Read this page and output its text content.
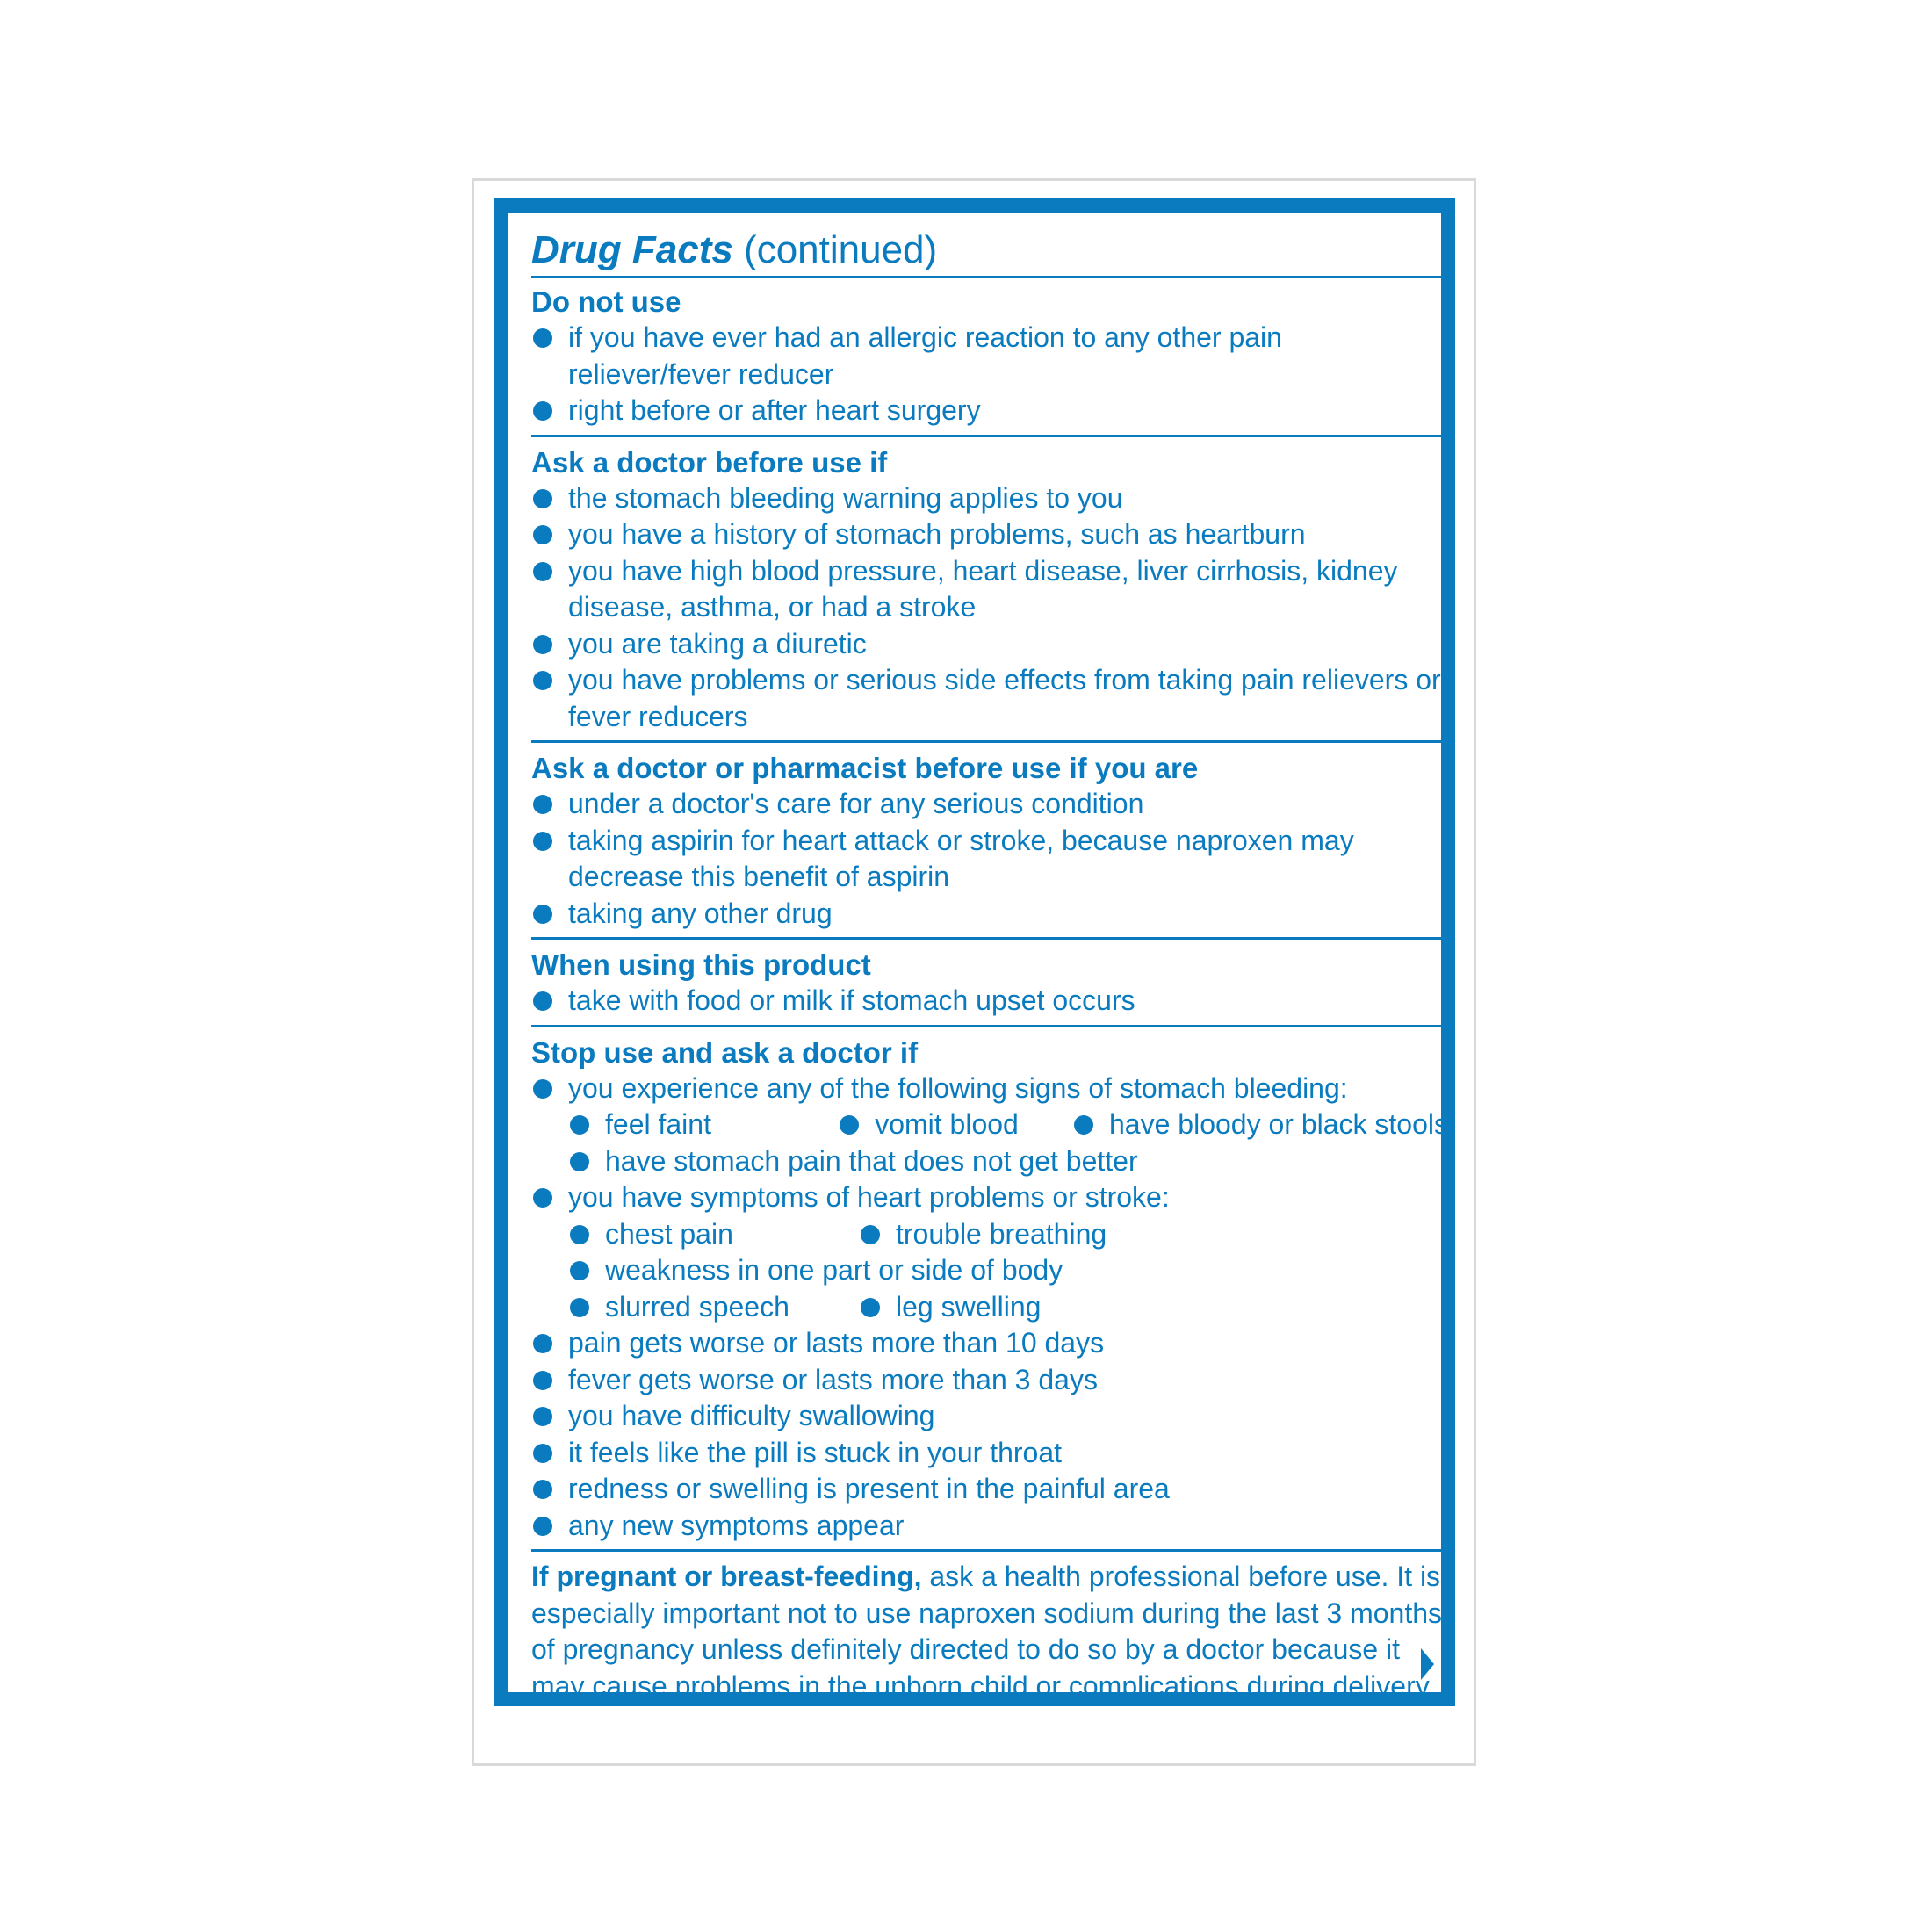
Drug Facts (continued)
Do not use
if you have ever had an allergic reaction to any other pain reliever/fever reducer
right before or after heart surgery
Ask a doctor before use if
the stomach bleeding warning applies to you
you have a history of stomach problems, such as heartburn
you have high blood pressure, heart disease, liver cirrhosis, kidney disease, asthma, or had a stroke
you are taking a diuretic
you have problems or serious side effects from taking pain relievers or fever reducers
Ask a doctor or pharmacist before use if you are
under a doctor's care for any serious condition
taking aspirin for heart attack or stroke, because naproxen may decrease this benefit of aspirin
taking any other drug
When using this product
take with food or milk if stomach upset occurs
Stop use and ask a doctor if
you experience any of the following signs of stomach bleeding:
feel faint	vomit blood	have bloody or black stools
have stomach pain that does not get better
you have symptoms of heart problems or stroke:
chest pain	trouble breathing
weakness in one part or side of body
slurred speech	leg swelling
pain gets worse or lasts more than 10 days
fever gets worse or lasts more than 3 days
you have difficulty swallowing
it feels like the pill is stuck in your throat
redness or swelling is present in the painful area
any new symptoms appear
If pregnant or breast-feeding, ask a health professional before use. It is especially important not to use naproxen sodium during the last 3 months of pregnancy unless definitely directed to do so by a doctor because it may cause problems in the unborn child or complications during delivery.
